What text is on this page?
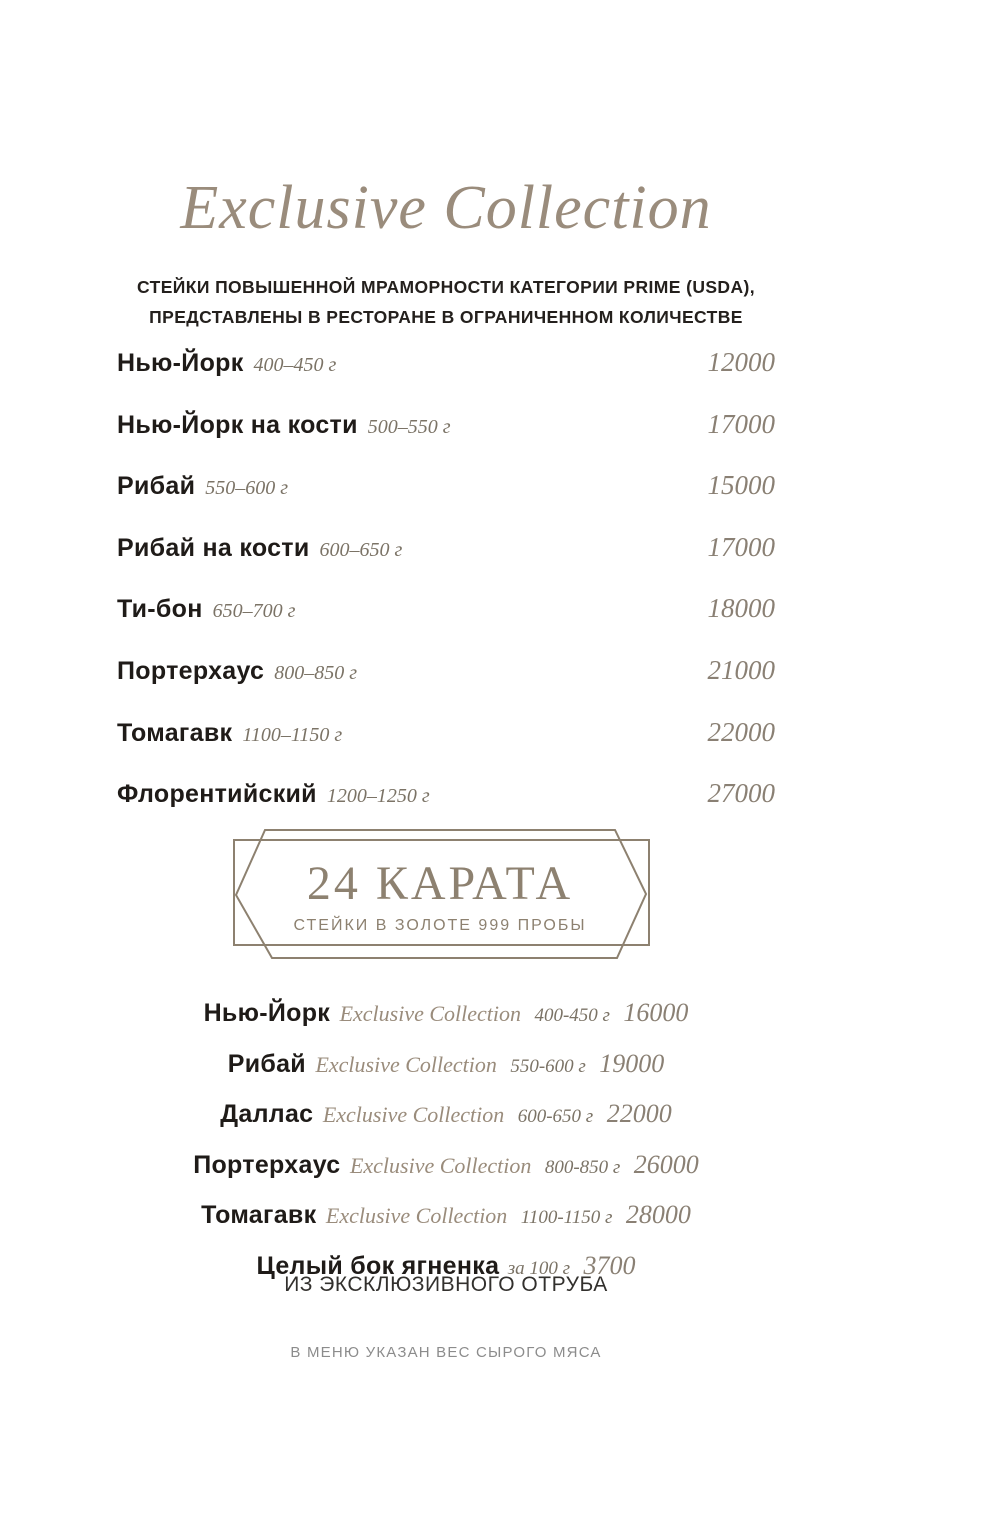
Exclusive Collection
СТЕЙКИ ПОВЫШЕННОЙ МРАМОРНОСТИ КАТЕГОРИИ PRIME (USDA),
ПРЕДСТАВЛЕНЫ В РЕСТОРАНЕ В ОГРАНИЧЕННОМ КОЛИЧЕСТВЕ
Нью-Йорк 400–450 г	12000
Нью-Йорк на кости 500–550 г	17000
Рибай 550–600 г	15000
Рибай на кости 600–650 г	17000
Ти-бон 650–700 г	18000
Портерхаус 800–850 г	21000
Томагавк 1100–1150 г	22000
Флорентийский 1200–1250 г	27000
24 КАРАТА
СТЕЙКИ В ЗОЛОТЕ 999 ПРОБЫ
Нью-Йорк Exclusive Collection 400-450 г 16000
Рибай Exclusive Collection 550-600 г 19000
Даллас Exclusive Collection 600-650 г 22000
Портерхаус Exclusive Collection 800-850 г 26000
Томагавк Exclusive Collection 1100-1150 г 28000
Целый бок ягненка за 100 г 3700
ИЗ ЭКСКЛЮЗИВНОГО ОТРУБА
В МЕНЮ УКАЗАН ВЕС СЫРОГО МЯСА
